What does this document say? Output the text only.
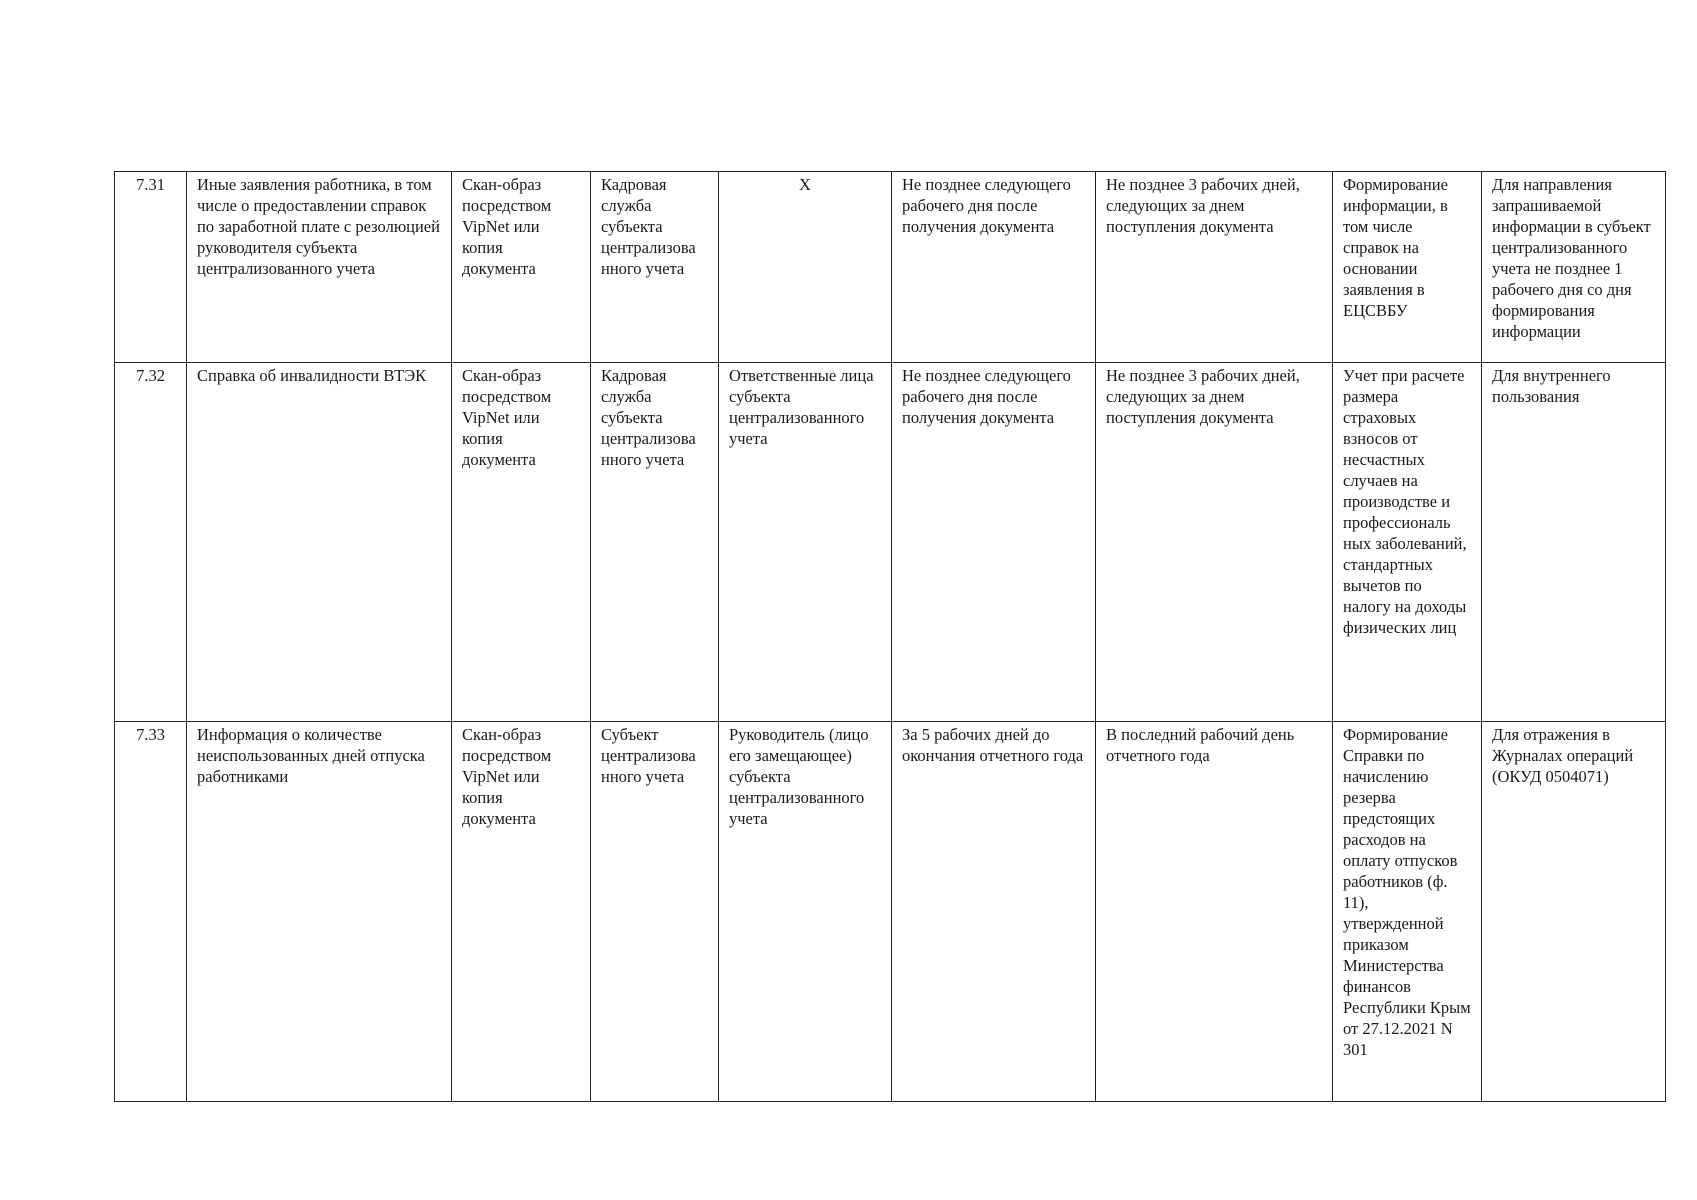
7.31	Иные заявления работника, в том числе о предоставлении справок по заработной плате с резолюцией руководителя субъекта централизованного учета	Скан-образ посредством VipNet или копия документа	Кадровая служба субъекта централизова нного учета	Х	Не позднее следующего рабочего дня после получения документа	Не позднее 3 рабочих дней, следующих за днем поступления документа	Формирование информации, в том числе справок на основании заявления в ЕЦСВБУ	Для направления запрашиваемой информации в субъект централизованного учета не позднее 1 рабочего дня со дня формирования информации
7.32	Справка об инвалидности ВТЭК	Скан-образ посредством VipNet или копия документа	Кадровая служба субъекта централизова нного учета	Ответственные лица субъекта централизованного учета	Не позднее следующего рабочего дня после получения документа	Не позднее 3 рабочих дней, следующих за днем поступления документа	Учет при расчете размера страховых взносов от несчастных случаев на производстве и профессиональ ных заболеваний, стандартных вычетов по налогу на доходы физических лиц	Для внутреннего пользования
7.33	Информация о количестве неиспользованных дней отпуска работниками	Скан-образ посредством VipNet или копия документа	Субъект централизова нного учета	Руководитель (лицо его замещающее) субъекта централизованного учета	За 5 рабочих дней до окончания отчетного года	В последний рабочий день отчетного года	Формирование Справки по начислению резерва предстоящих расходов на оплату отпусков работников (ф. 11), утвержденной приказом Министерства финансов Республики Крым от 27.12.2021 N 301	Для отражения в Журналах операций (ОКУД 0504071)
